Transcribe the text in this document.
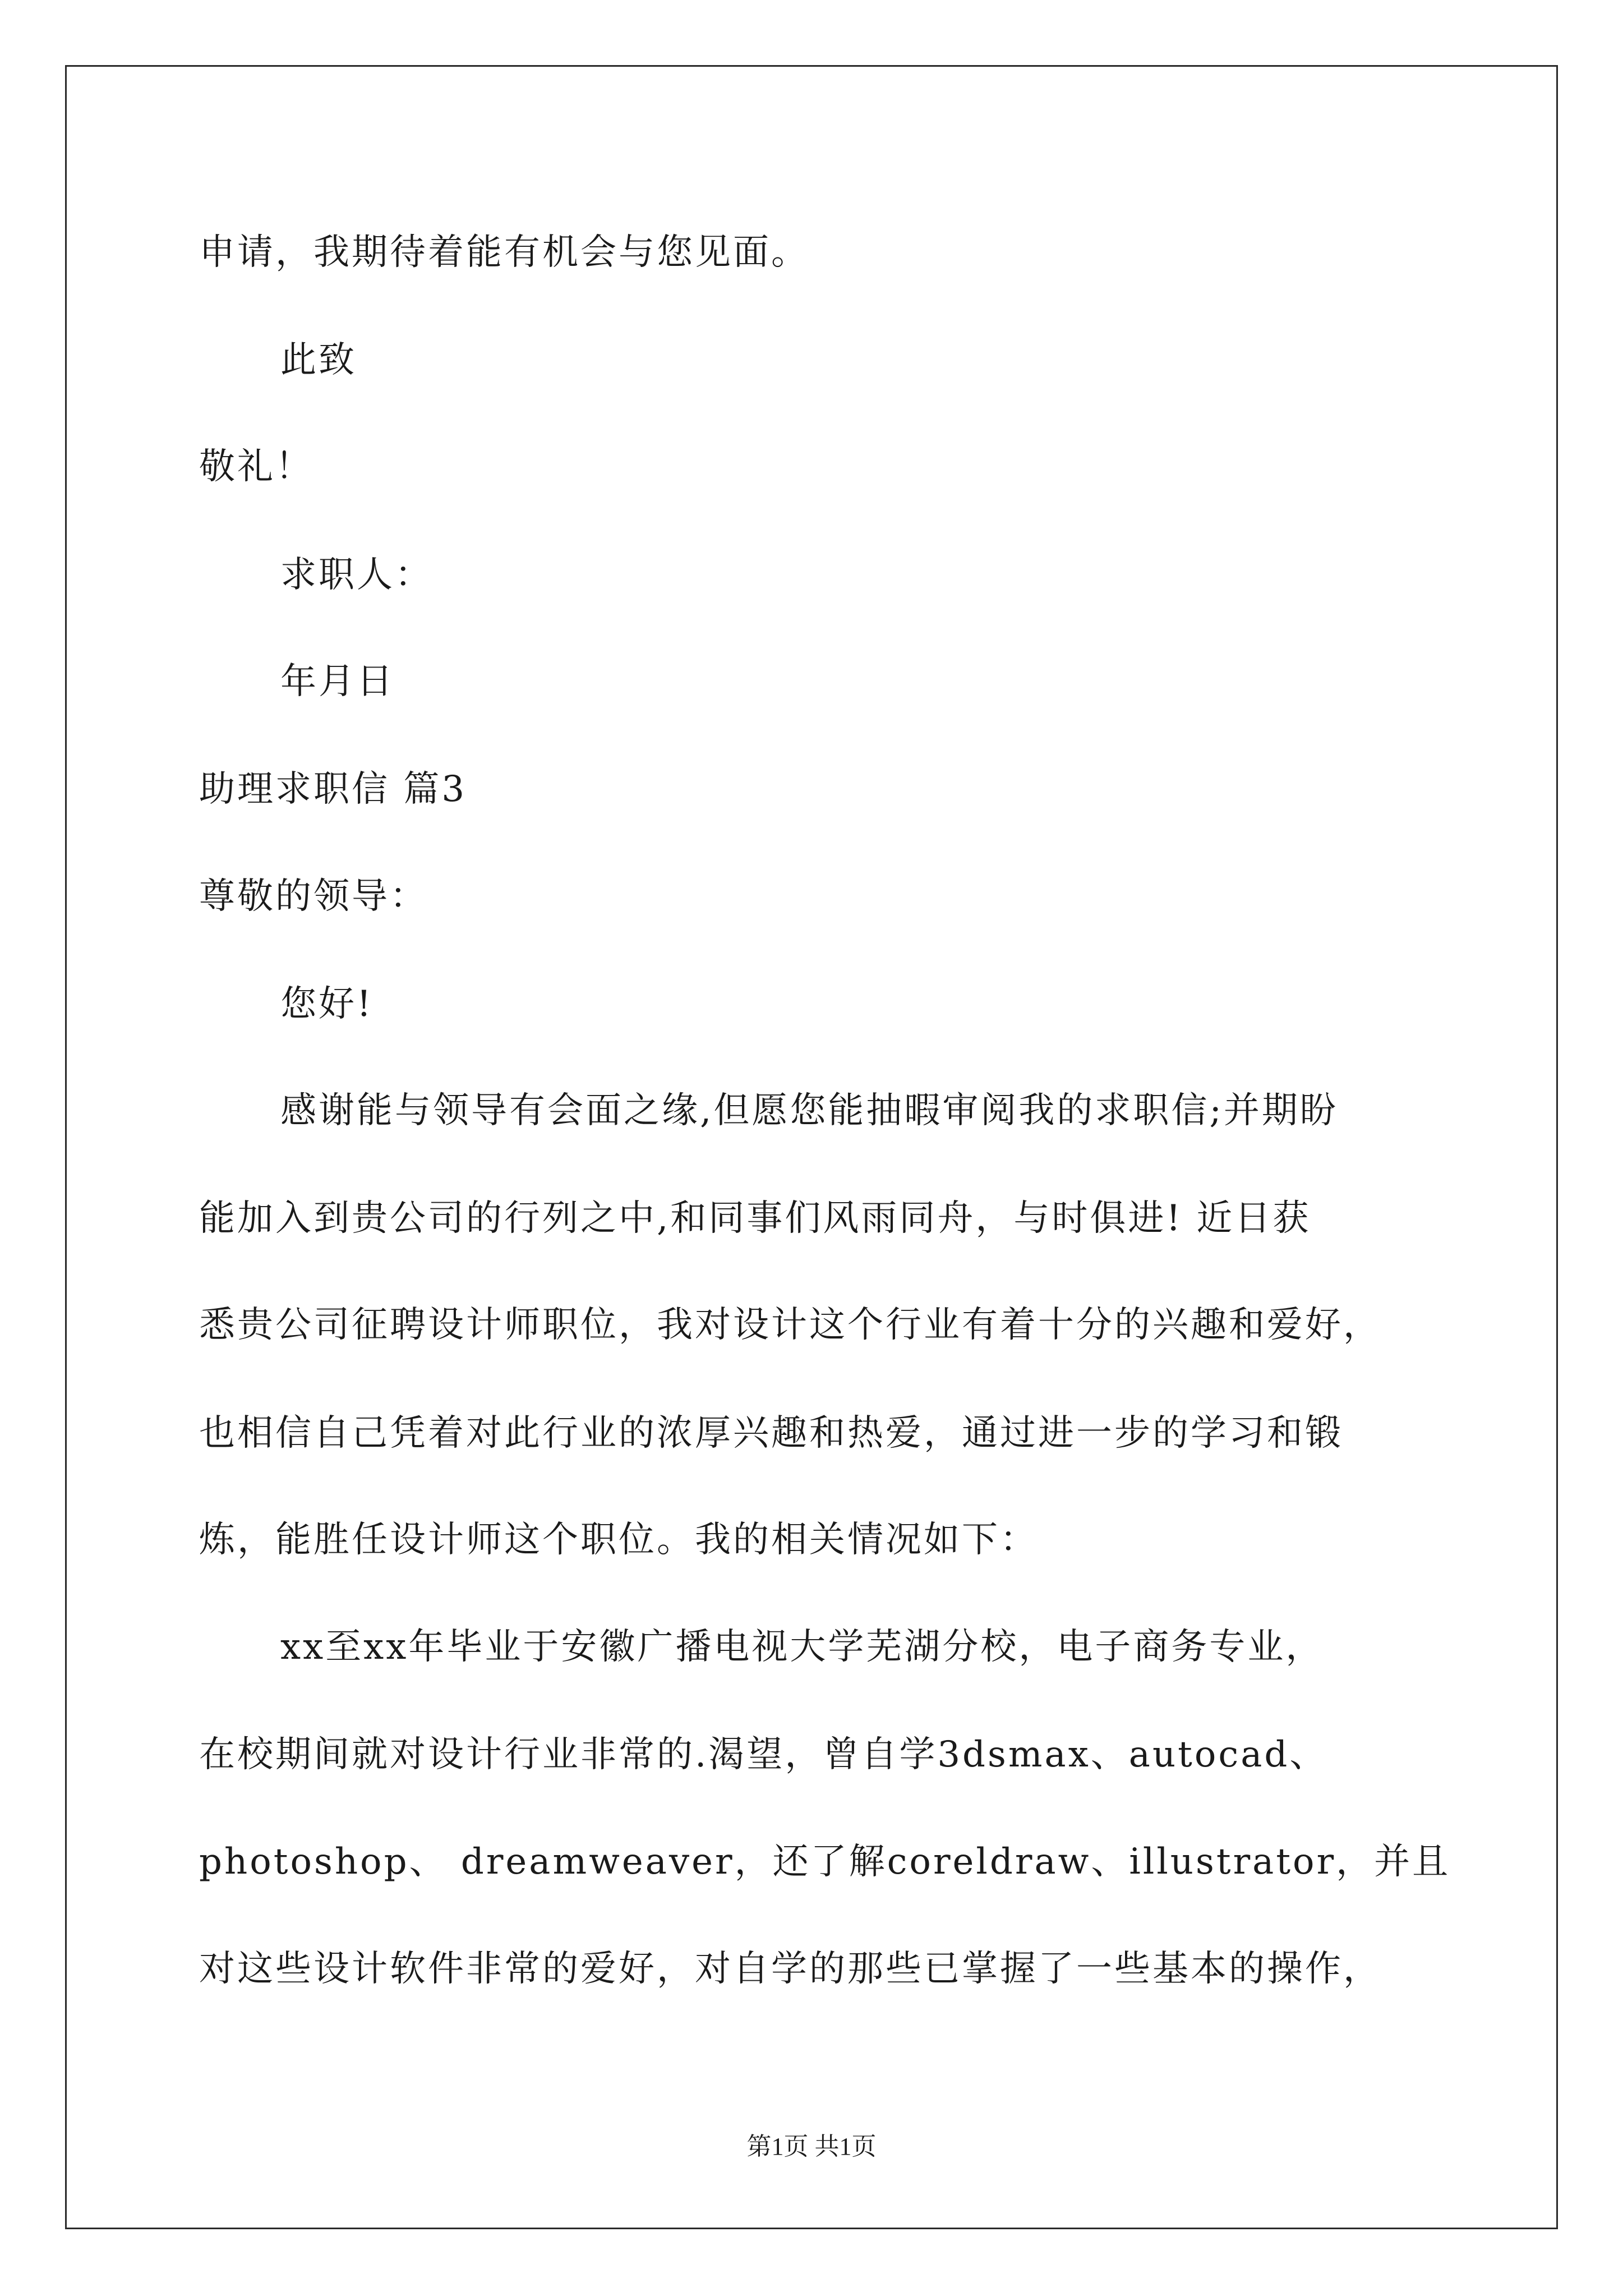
申请，我期待着能有机会与您见面。
此致
敬礼！
求职人：
年月日
助理求职信 篇3
尊敬的领导：
您好!
感谢能与领导有会面之缘,但愿您能抽暇审阅我的求职信;并期盼
能加入到贵公司的行列之中,和同事们风雨同舟，与时俱进! 近日获
悉贵公司征聘设计师职位，我对设计这个行业有着十分的兴趣和爱好，
也相信自己凭着对此行业的浓厚兴趣和热爱，通过进一步的学习和锻
炼，能胜任设计师这个职位。我的相关情况如下：
xx至xx年毕业于安徽广播电视大学芜湖分校，电子商务专业，
在校期间就对设计行业非常的.渴望，曾自学3dsmax、autocad、
photoshop、 dreamweaver，还了解coreldraw、illustrator，并且
对这些设计软件非常的爱好，对自学的那些已掌握了一些基本的操作，
第1页 共1页
